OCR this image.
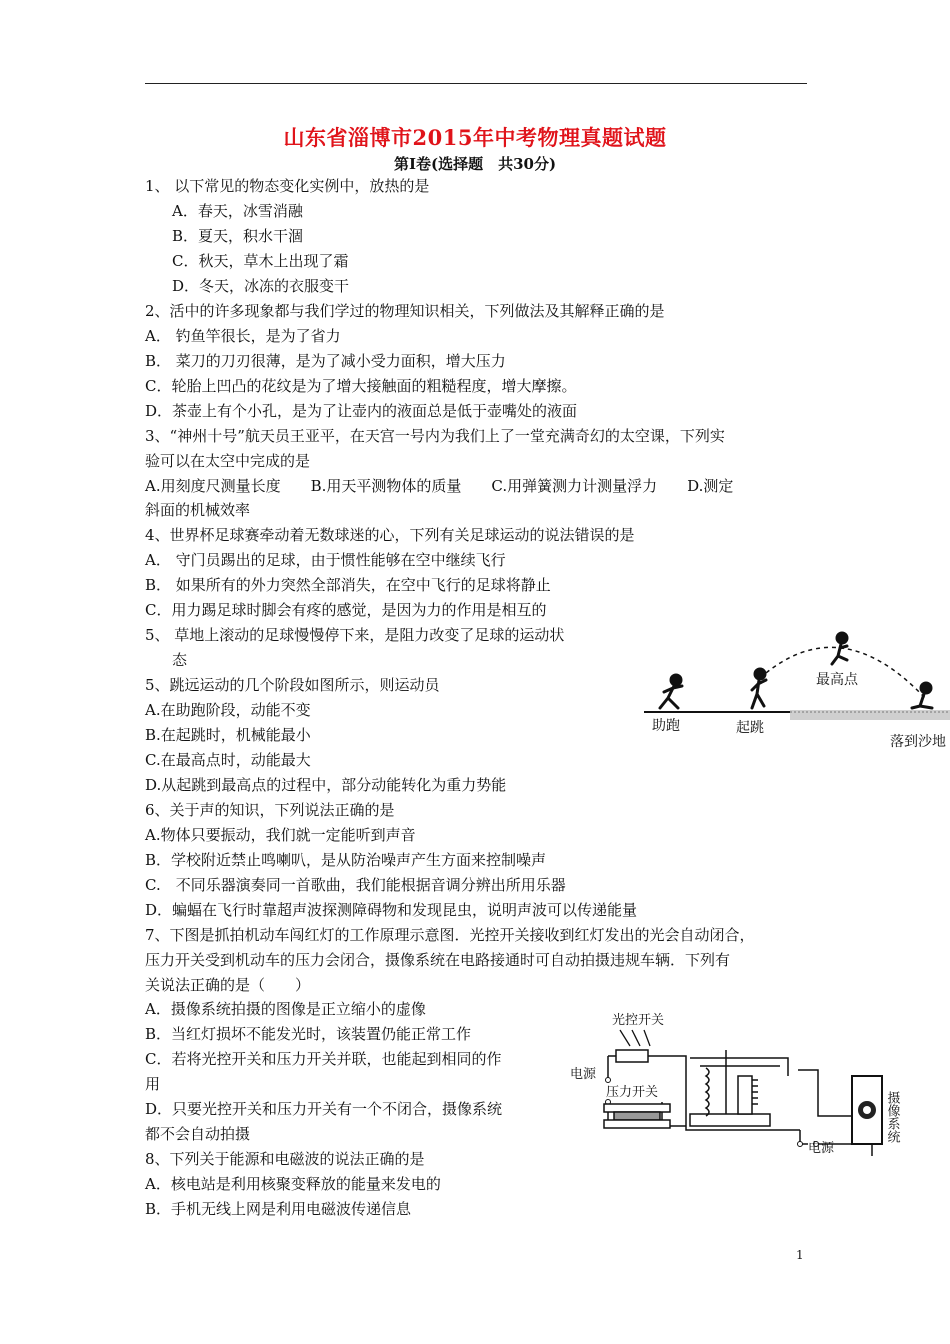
山东省淄博市2015年中考物理真题试题
第Ⅰ卷(选择题　共30分)
1、 以下常见的物态变化实例中，放热的是
A．春天，冰雪消融
B．夏天，积水干涸
C．秋天，草木上出现了霜
D．冬天，冰冻的衣服变干
2、活中的许多现象都与我们学过的物理知识相关，下列做法及其解释正确的是
A． 钓鱼竿很长，是为了省力
B． 菜刀的刀刃很薄，是为了减小受力面积，增大压力
C．轮胎上凹凸的花纹是为了增大接触面的粗糙程度，增大摩擦。
D．茶壶上有个小孔，是为了让壶内的液面总是低于壶嘴处的液面
3、“神州十号”航天员王亚平，在天宫一号内为我们上了一堂充满奇幻的太空课，下列实
验可以在太空中完成的是
A.用刻度尺测量长度　　B.用天平测物体的质量　　C.用弹簧测力计测量浮力　　D.测定
斜面的机械效率
4、世界杯足球赛牵动着无数球迷的心，下列有关足球运动的说法错误的是
A． 守门员踢出的足球，由于惯性能够在空中继续飞行
B． 如果所有的外力突然全部消失，在空中飞行的足球将静止
C．用力踢足球时脚会有疼的感觉，是因为力的作用是相互的
5、 草地上滚动的足球慢慢停下来，是阻力改变了足球的运动状
态
5、跳远运动的几个阶段如图所示，则运动员
A.在助跑阶段，动能不变
B.在起跳时，机械能最小
C.在最高点时，动能最大
D.从起跳到最高点的过程中，部分动能转化为重力势能
6、关于声的知识，下列说法正确的是
A.物体只要振动，我们就一定能听到声音
B．学校附近禁止鸣喇叭，是从防治噪声产生方面来控制噪声
C.　不同乐器演奏同一首歌曲，我们能根据音调分辨出所用乐器
D．蝙蝠在飞行时靠超声波探测障碍物和发现昆虫，说明声波可以传递能量
7、下图是抓拍机动车闯红灯的工作原理示意图．光控开关接收到红灯发出的光会自动闭合，
压力开关受到机动车的压力会闭合，摄像系统在电路接通时可自动拍摄违规车辆．下列有
关说法正确的是（　　）
A．摄像系统拍摄的图像是正立缩小的虚像
B．当红灯损坏不能发光时，该装置仍能正常工作
C．若将光控开关和压力开关并联，也能起到相同的作
用
D．只要光控开关和压力开关有一个不闭合，摄像系统
都不会自动拍摄
8、下列关于能源和电磁波的说法正确的是
A．核电站是利用核聚变释放的能量来发电的
B．手机无线上网是利用电磁波传递信息
助跑	起跳
最高点
落到沙地
光控开关
电源
压力开关	摄像系统
电源
1
